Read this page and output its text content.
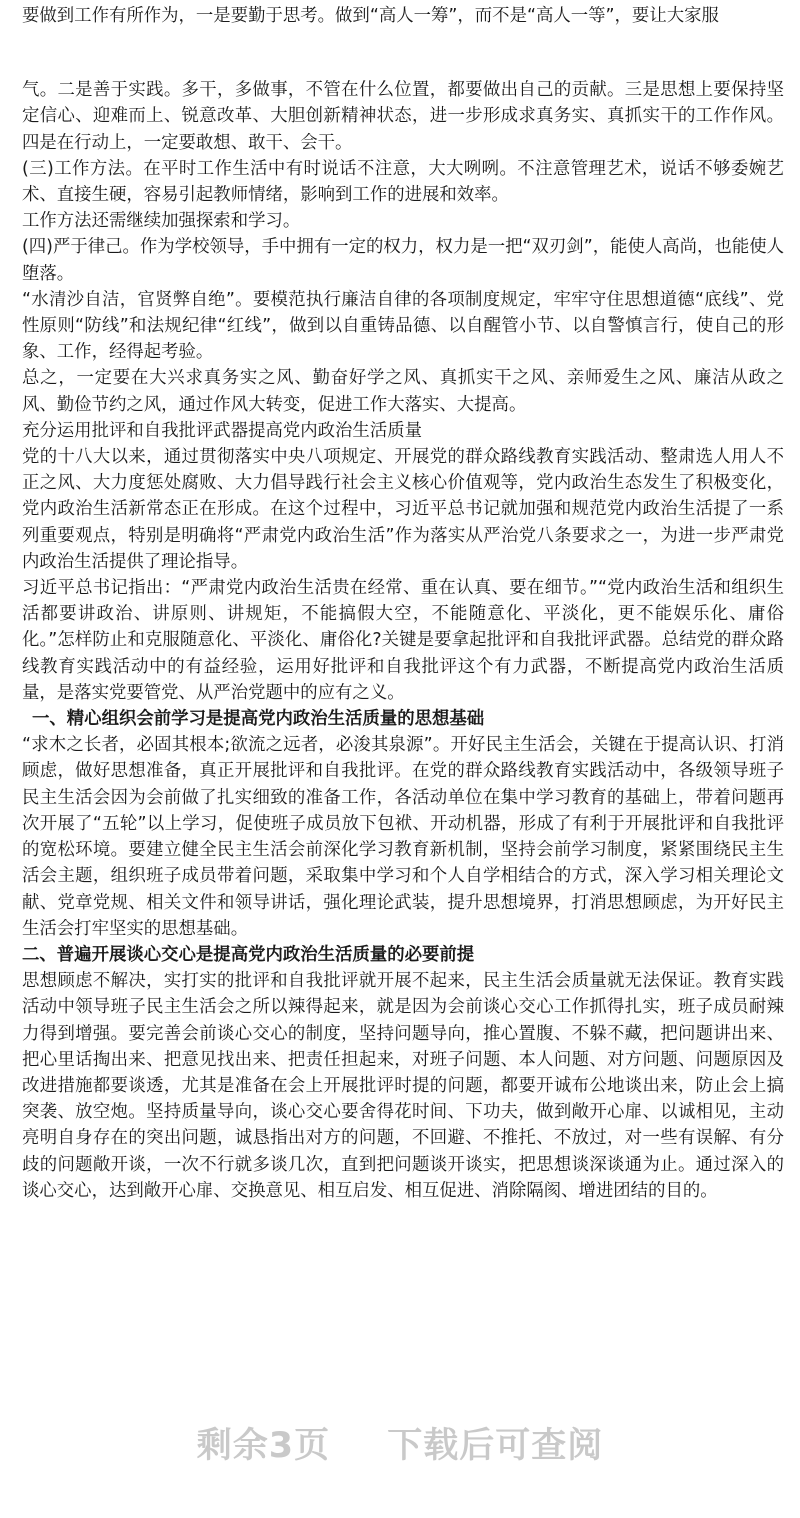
要做到工作有所作为，一是要勤于思考。做到“高人一筹”，而不是“高人一等”，要让大家服

气。二是善于实践。多干，多做事，不管在什么位置，都要做出自己的贡献。三是思想上要保持坚定信心、迎难而上、锐意改革、大胆创新精神状态，进一步形成求真务实、真抓实干的工作作风。四是在行动上，一定要敢想、敢干、会干。

(三)工作方法。在平时工作生活中有时说话不注意，大大咧咧。不注意管理艺术，说话不够委婉艺术、直接生硬，容易引起教师情绪，影响到工作的进展和效率。

工作方法还需继续加强探索和学习。

(四)严于律己。作为学校领导，手中拥有一定的权力，权力是一把“双刃剑”，能使人高尚，也能使人堕落。

“水清沙自洁，官贤弊自绝”。要模范执行廉洁自律的各项制度规定，牢牢守住思想道德“底线”、党性原则“防线”和法规纪律“红线”，做到以自重铸品德、以自醒管小节、以自警慎言行，使自己的形象、工作，经得起考验。

总之，一定要在大兴求真务实之风、勤奋好学之风、真抓实干之风、亲师爱生之风、廉洁从政之风、勤俭节约之风，通过作风大转变，促进工作大落实、大提高。

充分运用批评和自我批评武器提高党内政治生活质量

党的十八大以来，通过贯彻落实中央八项规定、开展党的群众路线教育实践活动、整肃选人用人不正之风、大力度惩处腐败、大力倡导践行社会主义核心价值观等，党内政治生态发生了积极变化，党内政治生活新常态正在形成。在这个过程中，习近平总书记就加强和规范党内政治生活提了一系列重要观点，特别是明确将“严肃党内政治生活”作为落实从严治党八条要求之一，为进一步严肃党内政治生活提供了理论指导。

习近平总书记指出：“严肃党内政治生活贵在经常、重在认真、要在细节。”“党内政治生活和组织生活都要讲政治、讲原则、讲规矩，不能搞假大空，不能随意化、平淡化，更不能娱乐化、庸俗化。”怎样防止和克服随意化、平淡化、庸俗化?关键是要拿起批评和自我批评武器。总结党的群众路线教育实践活动中的有益经验，运用好批评和自我批评这个有力武器，不断提高党内政治生活质量，是落实党要管党、从严治党题中的应有之义。

一、精心组织会前学习是提高党内政治生活质量的思想基础

“求木之长者，必固其根本;欲流之远者，必浚其泉源”。开好民主生活会，关键在于提高认识、打消顾虑，做好思想准备，真正开展批评和自我批评。在党的群众路线教育实践活动中，各级领导班子民主生活会因为会前做了扎实细致的准备工作，各活动单位在集中学习教育的基础上，带着问题再次开展了“五轮”以上学习，促使班子成员放下包袱、开动机器，形成了有利于开展批评和自我批评的宽松环境。要建立健全民主生活会前深化学习教育新机制，坚持会前学习制度，紧紧围绕民主生活会主题，组织班子成员带着问题，采取集中学习和个人自学相结合的方式，深入学习相关理论文献、党章党规、相关文件和领导讲话，强化理论武装，提升思想境界，打消思想顾虑，为开好民主生活会打牢坚实的思想基础。

二、普遍开展谈心交心是提高党内政治生活质量的必要前提

思想顾虑不解决，实打实的批评和自我批评就开展不起来，民主生活会质量就无法保证。教育实践活动中领导班子民主生活会之所以辣得起来，就是因为会前谈心交心工作抓得扎实，班子成员耐辣力得到增强。要完善会前谈心交心的制度，坚持问题导向，推心置腹、不躲不藏，把问题讲出来、把心里话掏出来、把意见找出来、把责任担起来，对班子问题、本人问题、对方问题、问题原因及改进措施都要谈透，尤其是准备在会上开展批评时提的问题，都要开诚布公地谈出来，防止会上搞突袭、放空炮。坚持质量导向，谈心交心要舍得花时间、下功夫，做到敞开心扉、以诚相见，主动亮明自身存在的突出问题，诚恳指出对方的问题，不回避、不推托、不放过，对一些有误解、有分歧的问题敞开谈，一次不行就多谈几次，直到把问题谈开谈实，把思想谈深谈通为止。通过深入的谈心交心，达到敞开心扉、交换意见、相互启发、相互促进、消除隔阂、增进团结的目的。

剩余3页 下载后可查阅
